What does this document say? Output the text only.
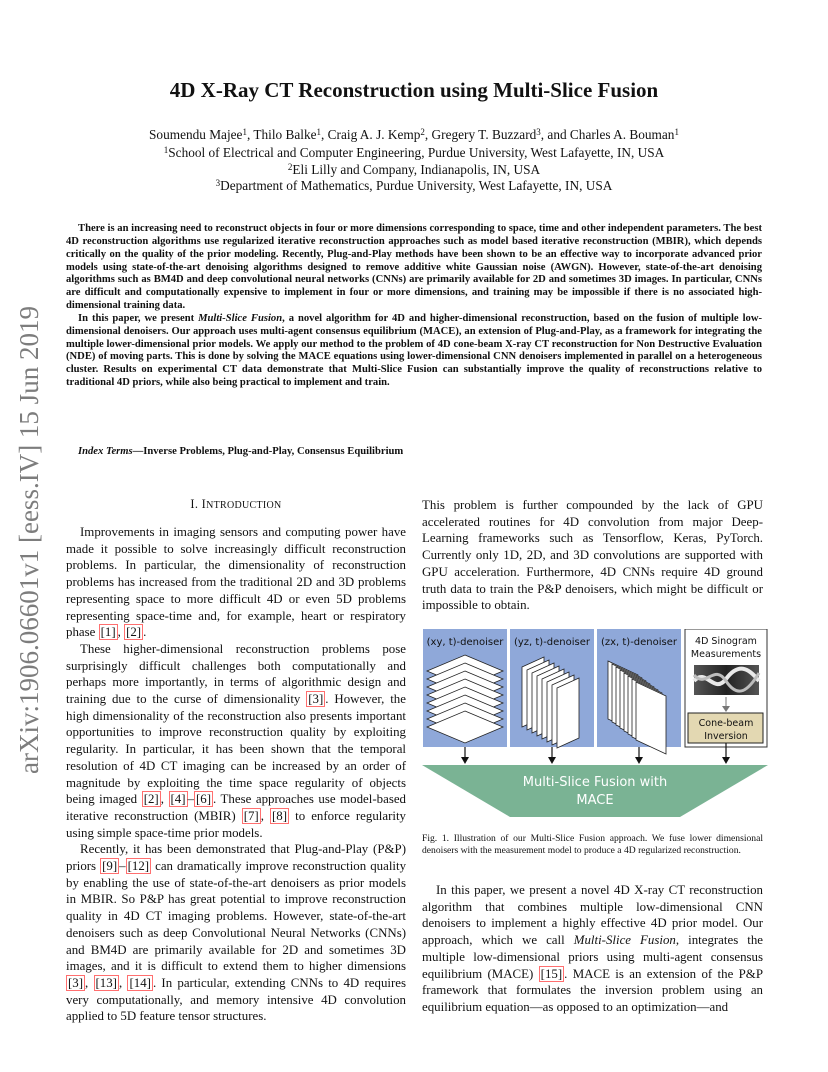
arXiv:1906.06601v1 [eess.IV] 15 Jun 2019
4D X-Ray CT Reconstruction using Multi-Slice Fusion

Soumendu Majee$^1$, Thilo Balke$^1$, Craig A. J. Kemp$^2$, Gregery T. Buzzard$^3$, and Charles A. Bouman$^1$

$^1$School of Electrical and Computer Engineering, Purdue University, West Lafayette, IN, USA

$^2$Eli Lilly and Company, Indianapolis, IN, USA

$^3$Department of Mathematics, Purdue University, West Lafayette, IN, USA

There is an increasing need to reconstruct objects in four or more dimensions corresponding to space, time and other independent parameters. The best 4D reconstruction algorithms use regularized iterative reconstruction approaches such as model based iterative reconstruction (MBIR), which depends critically on the quality of the prior modeling. Recently, Plug-and-Play methods have been shown to be an effective way to incorporate advanced prior models using state-of-the-art denoising algorithms designed to remove additive white Gaussian noise (AWGN). However, state-of-the-art denoising algorithms such as BM4D and deep convolutional neural networks (CNNs) are primarily available for 2D and sometimes 3D images. In particular, CNNs are difficult and computationally expensive to implement in four or more dimensions, and training may be impossible if there is no associated high-dimensional training data.

In this paper, we present Multi-Slice Fusion, a novel algorithm for 4D and higher-dimensional reconstruction, based on the fusion of multiple low-dimensional denoisers. Our approach uses multi-agent consensus equilibrium (MACE), an extension of Plug-and-Play, as a framework for integrating the multiple lower-dimensional prior models. We apply our method to the problem of 4D cone-beam X-ray CT reconstruction for Non Destructive Evaluation (NDE) of moving parts. This is done by solving the MACE equations using lower-dimensional CNN denoisers implemented in parallel on a heterogeneous cluster. Results on experimental CT data demonstrate that Multi-Slice Fusion can substantially improve the quality of reconstructions relative to traditional 4D priors, while also being practical to implement and train.

Index Terms—Inverse Problems, Plug-and-Play, Consensus Equilibrium

I. INTRODUCTION

Improvements in imaging sensors and computing power have made it possible to solve increasingly difficult reconstruction problems. In particular, the dimensionality of reconstruction problems has increased from the traditional 2D and 3D problems representing space to more difficult 4D or even 5D problems representing space-time and, for example, heart or respiratory phase [1] , [2] .

These higher-dimensional reconstruction problems pose surprisingly difficult challenges both computationally and perhaps more importantly, in terms of algorithmic design and training due to the curse of dimensionality [3] . However, the high dimensionality of the reconstruction also presents important opportunities to improve reconstruction quality by exploiting regularity. In particular, it has been shown that the temporal resolution of 4D CT imaging can be increased by an order of magnitude by exploiting the time space regularity of objects being imaged [2] , [4] – [6] . These approaches use model-based iterative reconstruction (MBIR) [7] , [8] to enforce regularity using simple space-time prior models.

Recently, it has been demonstrated that Plug-and-Play (P&P) priors [9] – [12] can dramatically improve reconstruction quality by enabling the use of state-of-the-art denoisers as prior models in MBIR. So P&P has great potential to improve reconstruction quality in 4D CT imaging problems. However, state-of-the-art denoisers such as deep Convolutional Neural Networks (CNNs) and BM4D are primarily available for 2D and sometimes 3D images, and it is difficult to extend them to higher dimensions [3] , [13] , [14] . In particular, extending CNNs to 4D requires very computationally, and memory intensive 4D convolution applied to 5D feature tensor structures.

This problem is further compounded by the lack of GPU accelerated routines for 4D convolution from major Deep-Learning frameworks such as Tensorflow, Keras, PyTorch. Currently only 1D, 2D, and 3D convolutions are supported with GPU acceleration. Furthermore, 4D CNNs require 4D ground truth data to train the P&P denoisers, which might be difficult or impossible to obtain.

(xy, t)-denoiser (yz, t)-denoiser (zx, t)-denoiser 4D Sinogram
Measurements
Cone-beam
Inversion
Multi-Slice Fusion with
MACE

Fig. 1. Illustration of our Multi-Slice Fusion approach. We fuse lower dimensional denoisers with the measurement model to produce a 4D regularized reconstruction.

In this paper, we present a novel 4D X-ray CT reconstruction algorithm that combines multiple low-dimensional CNN denoisers to implement a highly effective 4D prior model. Our approach, which we call Multi-Slice Fusion, integrates the multiple low-dimensional priors using multi-agent consensus equilibrium (MACE) [15] . MACE is an extension of the P&P framework that formulates the inversion problem using an equilibrium equation—as opposed to an optimization—and
